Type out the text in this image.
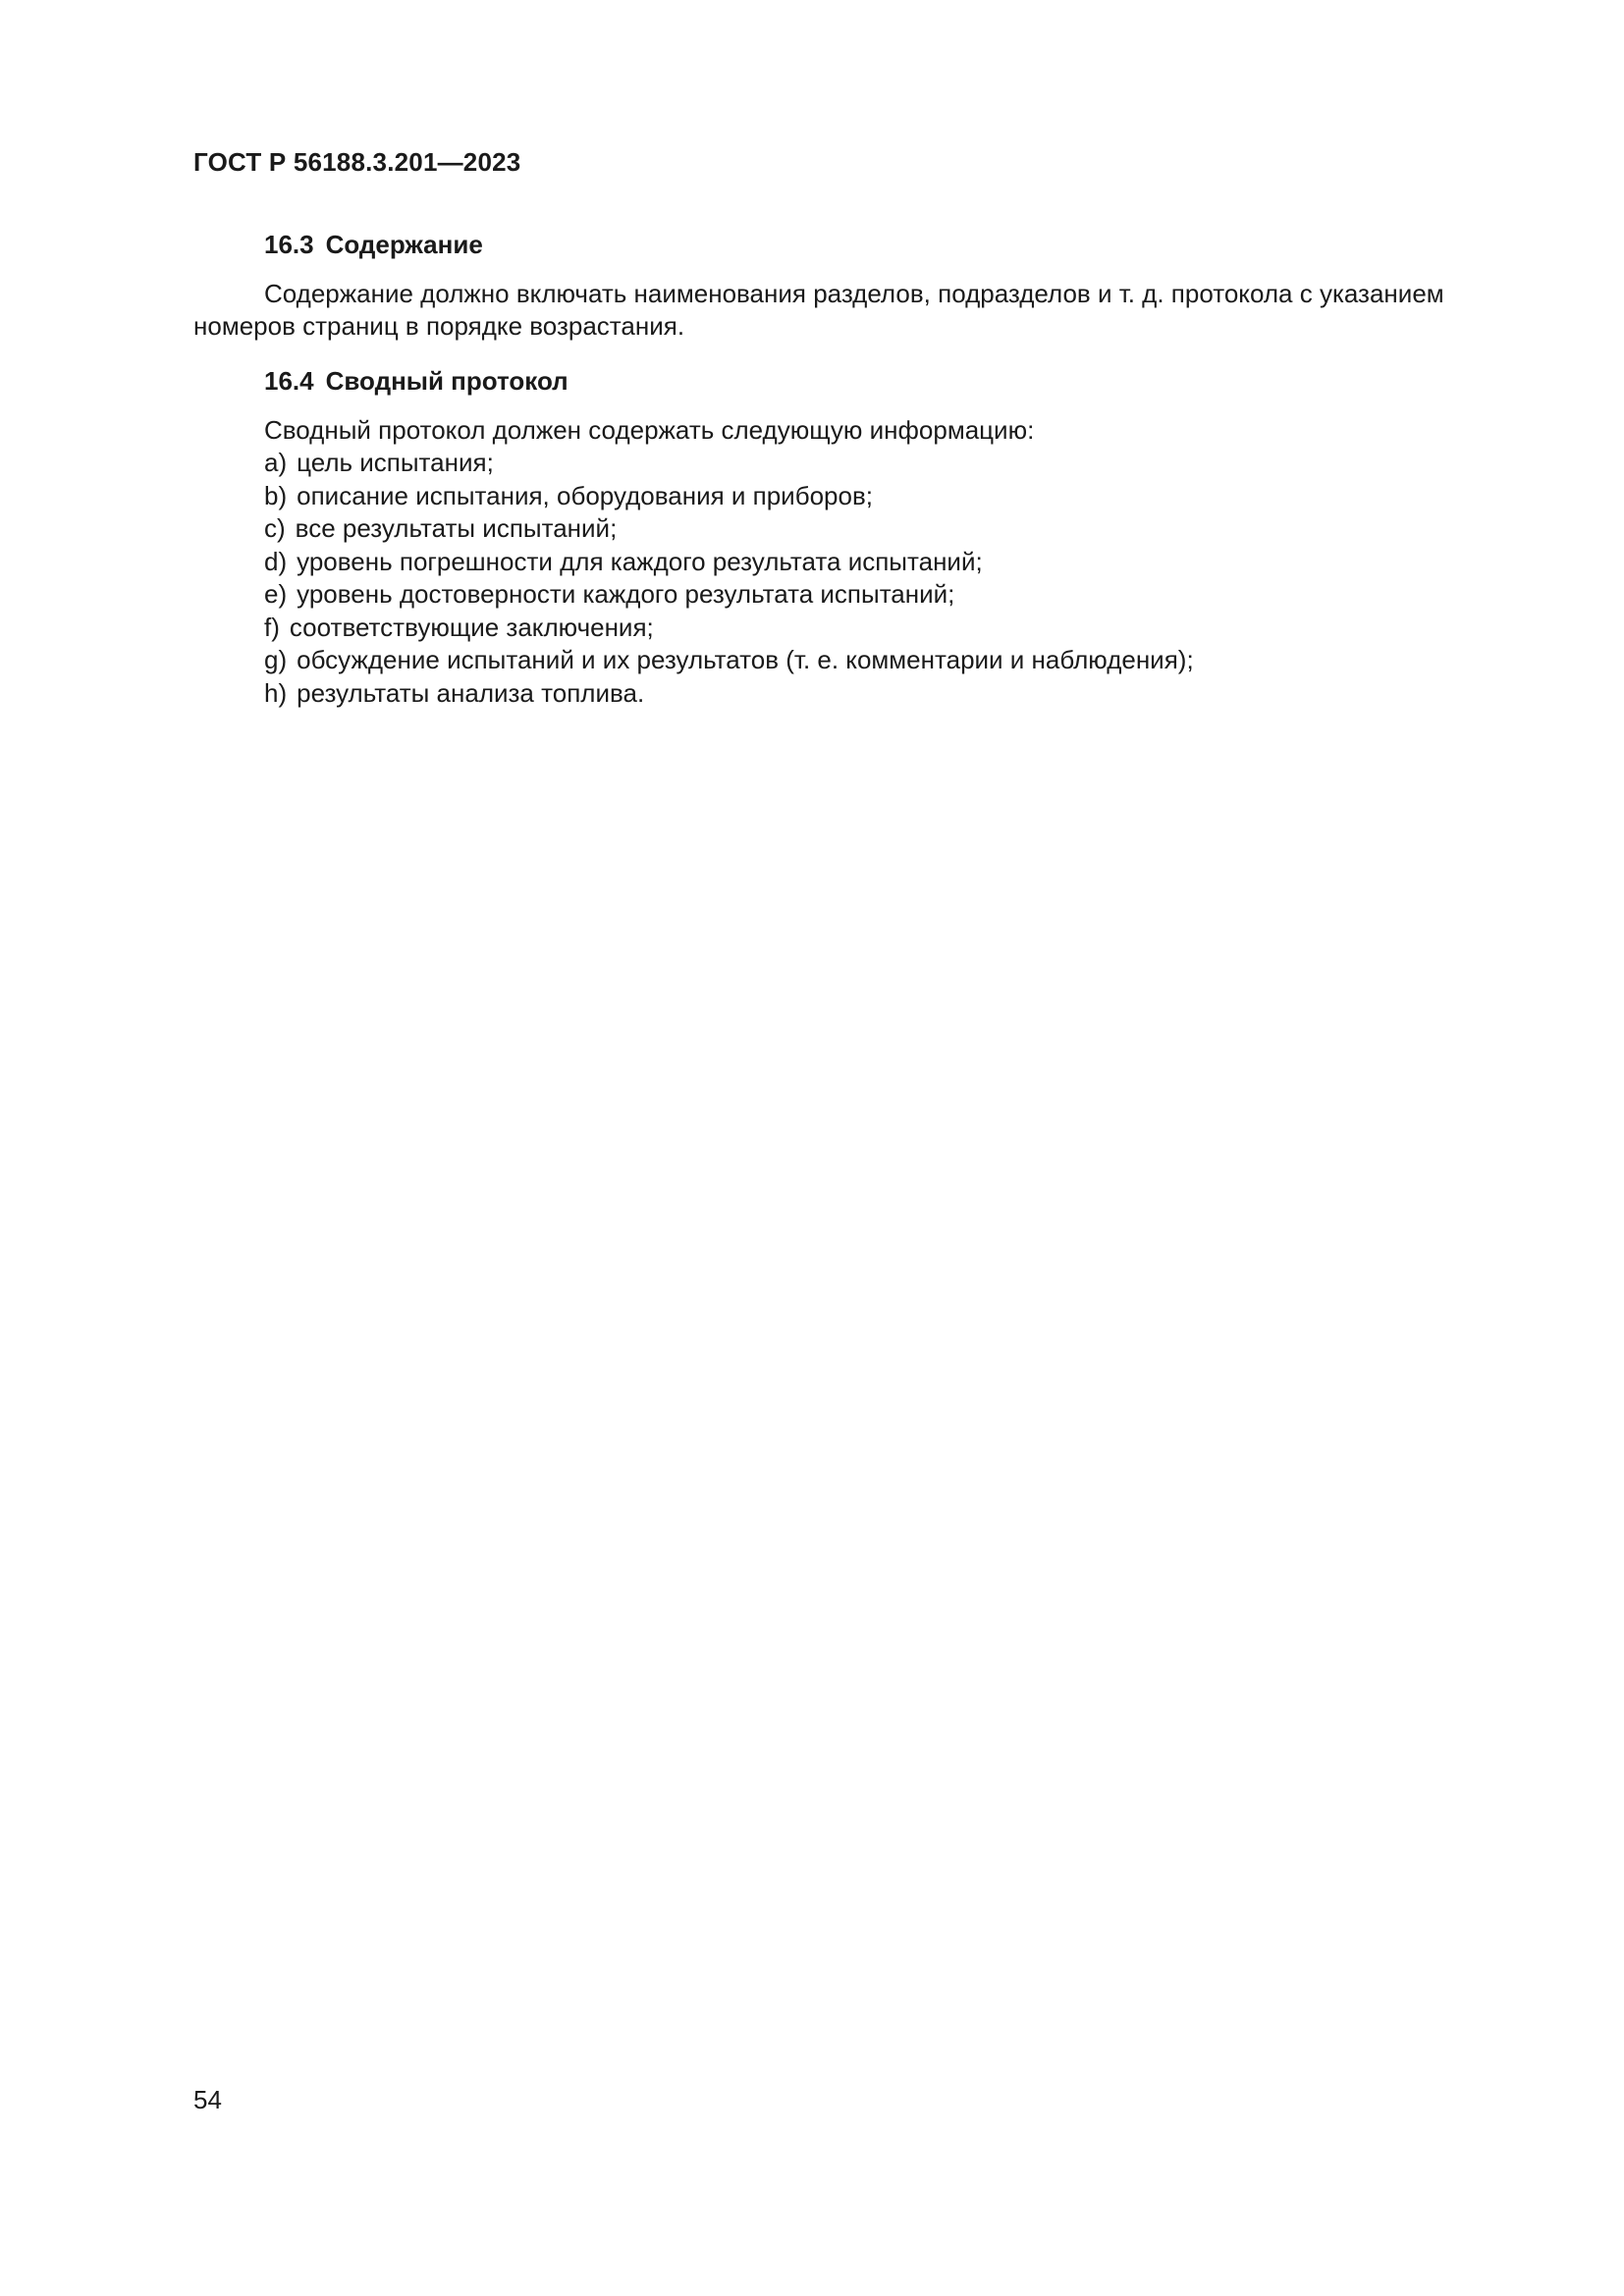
ГОСТ Р 56188.3.201—2023
16.3 Содержание

Содержание должно включать наименования разделов, подразделов и т. д. протокола с указанием номеров страниц в порядке возрастания.

16.4 Сводный протокол

Сводный протокол должен содержать следующую информацию:

a) цель испытания;
b) описание испытания, оборудования и приборов;
c) все результаты испытаний;
d) уровень погрешности для каждого результата испытаний;
e) уровень достоверности каждого результата испытаний;
f) соответствующие заключения;
g) обсуждение испытаний и их результатов (т. е. комментарии и наблюдения);
h) результаты анализа топлива.
54
